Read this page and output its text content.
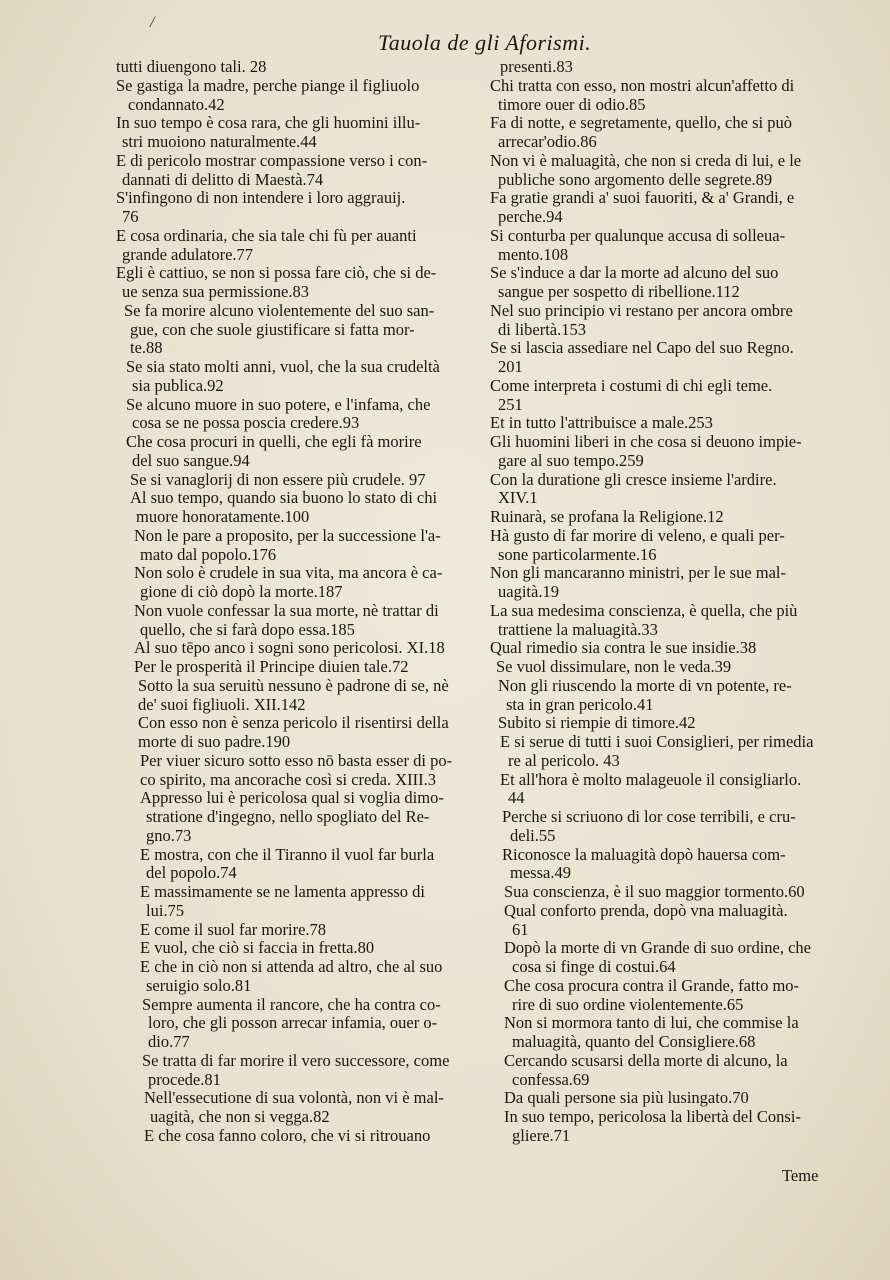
/
Tauola de gli Aforismi.
tutti diuengono tali. 28
Se gastiga la madre, perche piange il figliuolo
condannato.42
In suo tempo è cosa rara, che gli huomini illu-
stri muoiono naturalmente.44
E di pericolo mostrar compassione verso i con-
dannati di delitto di Maestà.74
S'infingono di non intendere i loro aggrauij.
76
E cosa ordinaria, che sia tale chi fù per auanti
grande adulatore.77
Egli è cattiuo, se non si possa fare ciò, che si de-
ue senza sua permissione.83
Se fa morire alcuno violentemente del suo san-
gue, con che suole giustificare si fatta mor-
te.88
Se sia stato molti anni, vuol, che la sua crudeltà
sia publica.92
Se alcuno muore in suo potere, e l'infama, che
cosa se ne possa poscia credere.93
Che cosa procuri in quelli, che egli fà morire
del suo sangue.94
Se si vanaglorij di non essere più crudele. 97
Al suo tempo, quando sia buono lo stato di chi
muore honoratamente.100
Non le pare a proposito, per la successione l'a-
mato dal popolo.176
Non solo è crudele in sua vita, ma ancora è ca-
gione di ciò dopò la morte.187
Non vuole confessar la sua morte, nè trattar di
quello, che si farà dopo essa.185
Al suo tēpo anco i sogni sono pericolosi. XI.18
Per le prosperità il Principe diuien tale.72
Sotto la sua seruitù nessuno è padrone di se, nè
de' suoi figliuoli. XII.142
Con esso non è senza pericolo il risentirsi della
morte di suo padre.190
Per viuer sicuro sotto esso nō basta esser di po-
co spirito, ma ancorache così si creda. XIII.3
Appresso lui è pericolosa qual si voglia dimo-
stratione d'ingegno, nello spogliato del Re-
gno.73
E mostra, con che il Tiranno il vuol far burla
del popolo.74
E massimamente se ne lamenta appresso di
lui.75
E come il suol far morire.78
E vuol, che ciò si faccia in fretta.80
E che in ciò non si attenda ad altro, che al suo
seruigio solo.81
Sempre aumenta il rancore, che ha contra co-
loro, che gli posson arrecar infamia, ouer o-
dio.77
Se tratta di far morire il vero successore, come
procede.81
Nell'essecutione di sua volontà, non vi è mal-
uagità, che non si vegga.82
E che cosa fanno coloro, che vi si ritrouano
presenti.83
Chi tratta con esso, non mostri alcun'affetto di
timore ouer di odio.85
Fa di notte, e segretamente, quello, che si può
arrecar'odio.86
Non vi è maluagità, che non si creda di lui, e le
publiche sono argomento delle segrete.89
Fa gratie grandi a' suoi fauoriti, & a' Grandi, e
perche.94
Si conturba per qualunque accusa di solleua-
mento.108
Se s'induce a dar la morte ad alcuno del suo
sangue per sospetto di ribellione.112
Nel suo principio vi restano per ancora ombre
di libertà.153
Se si lascia assediare nel Capo del suo Regno.
201
Come interpreta i costumi di chi egli teme.
251
Et in tutto l'attribuisce a male.253
Gli huomini liberi in che cosa si deuono impie-
gare al suo tempo.259
Con la duratione gli cresce insieme l'ardire.
XIV.1
Ruinarà, se profana la Religione.12
Hà gusto di far morire di veleno, e quali per-
sone particolarmente.16
Non gli mancaranno ministri, per le sue mal-
uagità.19
La sua medesima conscienza, è quella, che più
trattiene la maluagità.33
Qual rimedio sia contra le sue insidie.38
Se vuol dissimulare, non le veda.39
Non gli riuscendo la morte di vn potente, re-
sta in gran pericolo.41
Subito si riempie di timore.42
E si serue di tutti i suoi Consiglieri, per rimedia
re al pericolo. 43
Et all'hora è molto malageuole il consigliarlo.
44
Perche si scriuono di lor cose terribili, e cru-
deli.55
Riconosce la maluagità dopò hauersa com-
messa.49
Sua conscienza, è il suo maggior tormento.60
Qual conforto prenda, dopò vna maluagità.
61
Dopò la morte di vn Grande di suo ordine, che
cosa si finge di costui.64
Che cosa procura contra il Grande, fatto mo-
rire di suo ordine violentemente.65
Non si mormora tanto di lui, che commise la
maluagità, quanto del Consigliere.68
Cercando scusarsi della morte di alcuno, la
confessa.69
Da quali persone sia più lusingato.70
In suo tempo, pericolosa la libertà del Consi-
gliere.71
Teme
